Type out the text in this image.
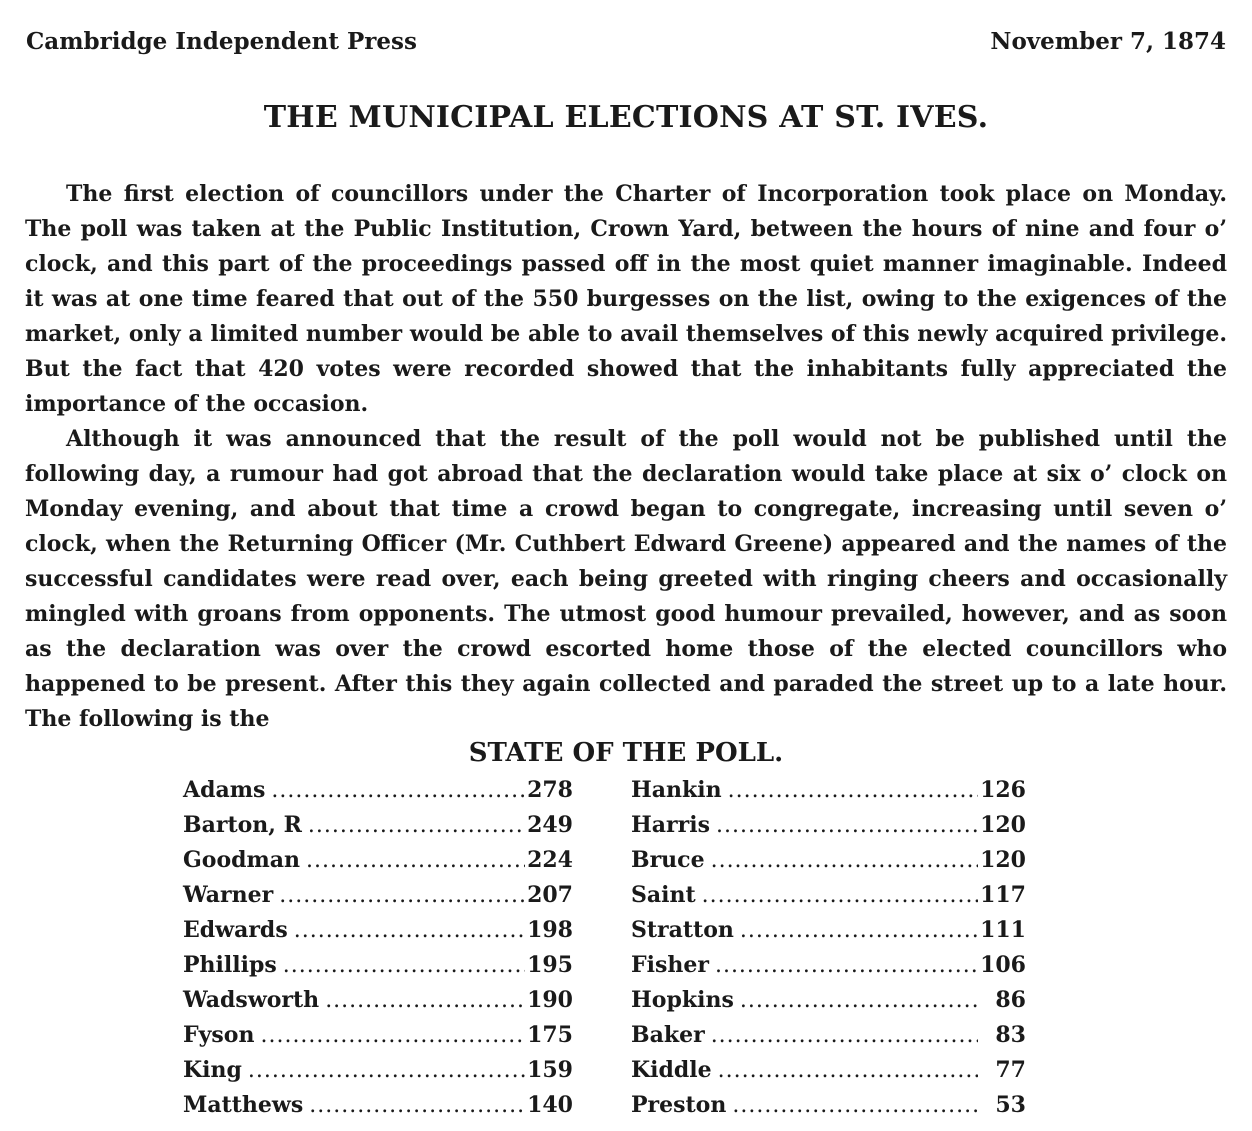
Cambridge Independent Press	November 7, 1874
THE MUNICIPAL ELECTIONS AT ST. IVES.

The first election of councillors under the Charter of Incorporation took place on Monday. The poll was taken at the Public Institution, Crown Yard, between the hours of nine and four o’ clock, and this part of the proceedings passed off in the most quiet manner imaginable. Indeed it was at one time feared that out of the 550 burgesses on the list, owing to the exigences of the market, only a limited number would be able to avail themselves of this newly acquired privilege. But the fact that 420 votes were recorded showed that the inhabitants fully appreciated the importance of the occasion.

Although it was announced that the result of the poll would not be published until the following day, a rumour had got abroad that the declaration would take place at six o’ clock on Monday evening, and about that time a crowd began to congregate, increasing until seven o’ clock, when the Returning Officer (Mr. Cuthbert Edward Greene) appeared and the names of the successful candidates were read over, each being greeted with ringing cheers and occasionally mingled with groans from opponents. The utmost good humour prevailed, however, and as soon as the declaration was over the crowd escorted home those of the elected councillors who happened to be present. After this they again collected and paraded the street up to a late hour. The following is the

STATE OF THE POLL.
Adams .....	278
Barton, R .....	249
Goodman .....	224
Warner .....	207
Edwards .....	198
Phillips .....	195
Wadsworth .....	190
Fyson .....	175
King .....	159
Matthews .....	140
Hankin .....	126
Harris .....	120
Bruce .....	120
Saint .....	117
Stratton .....	111
Fisher .....	106
Hopkins .....	86
Baker .....	83
Kiddle .....	77
Preston .....	53
